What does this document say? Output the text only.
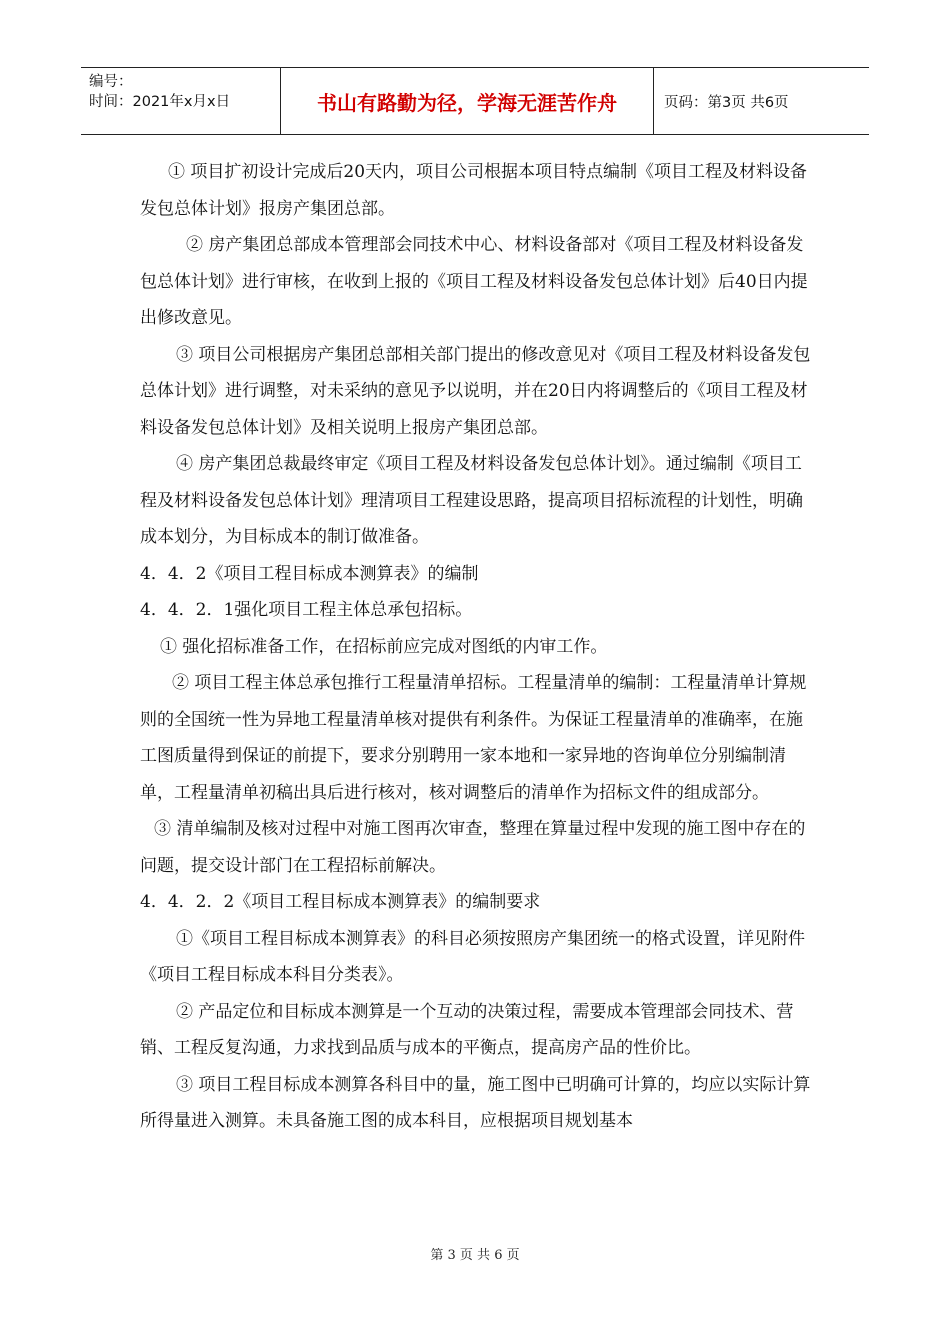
编号：
时间：2021年x月x日	书山有路勤为径，学海无涯苦作舟	页码：第3页 共6页

① 项目扩初设计完成后20天内，项目公司根据本项目特点编制《项目工程及材料设备发包总体计划》报房产集团总部。

② 房产集团总部成本管理部会同技术中心、材料设备部对《项目工程及材料设备发包总体计划》进行审核，在收到上报的《项目工程及材料设备发包总体计划》后40日内提出修改意见。

③ 项目公司根据房产集团总部相关部门提出的修改意见对《项目工程及材料设备发包总体计划》进行调整，对未采纳的意见予以说明，并在20日内将调整后的《项目工程及材料设备发包总体计划》及相关说明上报房产集团总部。

④ 房产集团总裁最终审定《项目工程及材料设备发包总体计划》。通过编制《项目工程及材料设备发包总体计划》理清项目工程建设思路，提高项目招标流程的计划性，明确成本划分，为目标成本的制订做准备。

4．4．2《项目工程目标成本测算表》的编制

4．4．2．1强化项目工程主体总承包招标。

① 强化招标准备工作，在招标前应完成对图纸的内审工作。

② 项目工程主体总承包推行工程量清单招标。工程量清单的编制：工程量清单计算规则的全国统一性为异地工程量清单核对提供有利条件。为保证工程量清单的准确率，在施工图质量得到保证的前提下，要求分别聘用一家本地和一家异地的咨询单位分别编制清单，工程量清单初稿出具后进行核对，核对调整后的清单作为招标文件的组成部分。

③ 清单编制及核对过程中对施工图再次审查，整理在算量过程中发现的施工图中存在的问题，提交设计部门在工程招标前解决。

4．4．2．2《项目工程目标成本测算表》的编制要求

①《项目工程目标成本测算表》的科目必须按照房产集团统一的格式设置，详见附件《项目工程目标成本科目分类表》。

② 产品定位和目标成本测算是一个互动的决策过程，需要成本管理部会同技术、营销、工程反复沟通，力求找到品质与成本的平衡点，提高房产品的性价比。

③ 项目工程目标成本测算各科目中的量，施工图中已明确可计算的，均应以实际计算所得量进入测算。未具备施工图的成本科目，应根据项目规划基本

第 3 页 共 6 页
